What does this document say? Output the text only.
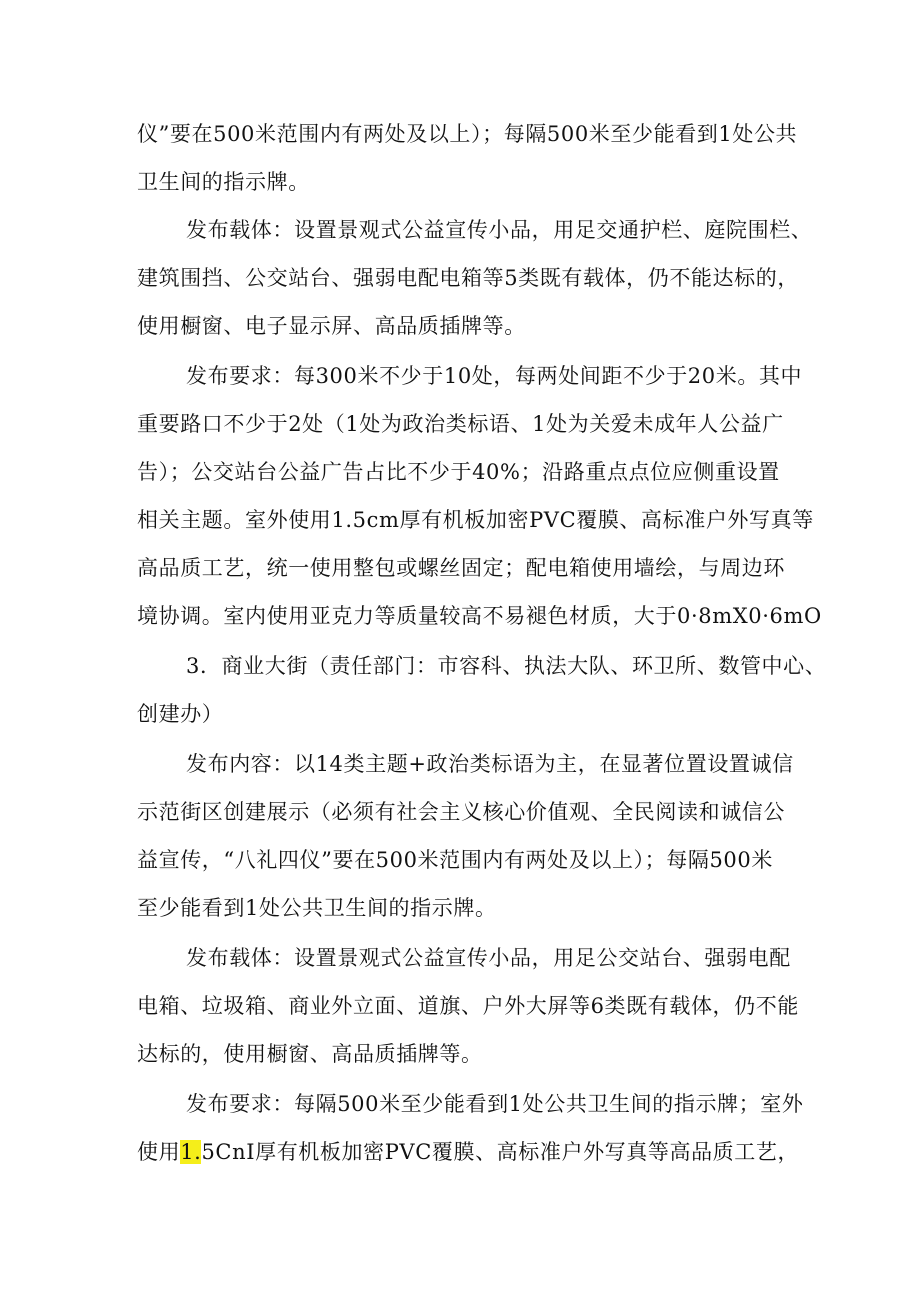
仪”要在500米范围内有两处及以上）；每隔500米至少能看到1处公共
卫生间的指示牌。
发布载体：设置景观式公益宣传小品，用足交通护栏、庭院围栏、
建筑围挡、公交站台、强弱电配电箱等5类既有载体，仍不能达标的，
使用橱窗、电子显示屏、高品质插牌等。
发布要求：每300米不少于10处，每两处间距不少于20米。其中
重要路口不少于2处（1处为政治类标语、1处为关爱未成年人公益广
告）；公交站台公益广告占比不少于40%；沿路重点点位应侧重设置
相关主题。室外使用1.5cm厚有机板加密PVC覆膜、高标准户外写真等
高品质工艺，统一使用整包或螺丝固定；配电箱使用墙绘，与周边环
境协调。室内使用亚克力等质量较高不易褪色材质，大于0·8mX0·6mO
3．商业大街（责任部门：市容科、执法大队、环卫所、数管中心、
创建办）
发布内容：以14类主题+政治类标语为主，在显著位置设置诚信
示范街区创建展示（必须有社会主义核心价值观、全民阅读和诚信公
益宣传，“八礼四仪”要在500米范围内有两处及以上）；每隔500米
至少能看到1处公共卫生间的指示牌。
发布载体：设置景观式公益宣传小品，用足公交站台、强弱电配
电箱、垃圾箱、商业外立面、道旗、户外大屏等6类既有载体，仍不能
达标的，使用橱窗、高品质插牌等。
发布要求：每隔500米至少能看到1处公共卫生间的指示牌；室外
使用1.5CnI厚有机板加密PVC覆膜、高标准户外写真等高品质工艺，
